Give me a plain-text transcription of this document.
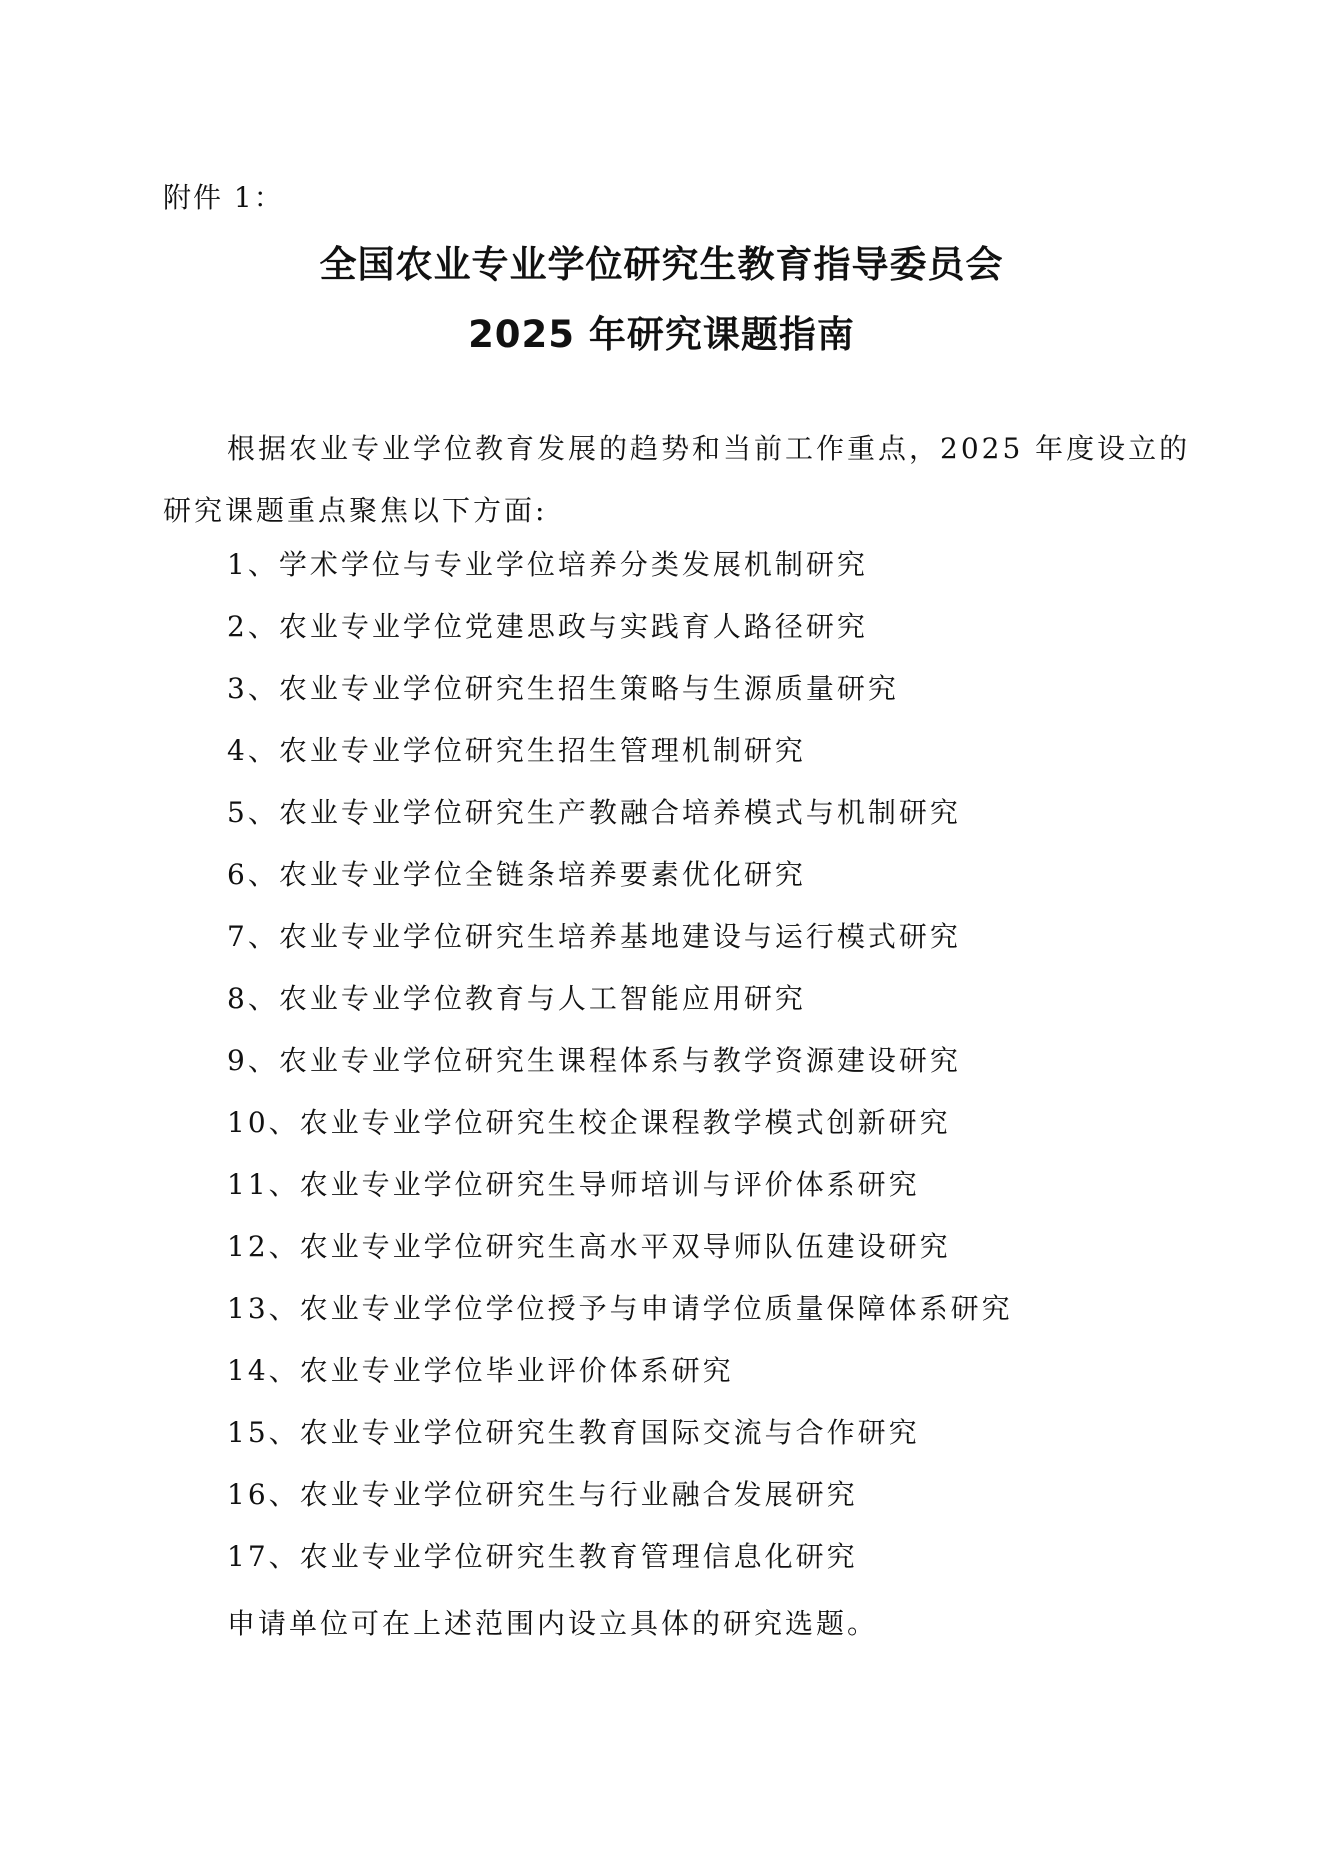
附件 1：
全国农业专业学位研究生教育指导委员会
2025 年研究课题指南
根据农业专业学位教育发展的趋势和当前工作重点，2025 年度设立的
研究课题重点聚焦以下方面:
1、学术学位与专业学位培养分类发展机制研究
2、农业专业学位党建思政与实践育人路径研究
3、农业专业学位研究生招生策略与生源质量研究
4、农业专业学位研究生招生管理机制研究
5、农业专业学位研究生产教融合培养模式与机制研究
6、农业专业学位全链条培养要素优化研究
7、农业专业学位研究生培养基地建设与运行模式研究
8、农业专业学位教育与人工智能应用研究
9、农业专业学位研究生课程体系与教学资源建设研究
10、农业专业学位研究生校企课程教学模式创新研究
11、农业专业学位研究生导师培训与评价体系研究
12、农业专业学位研究生高水平双导师队伍建设研究
13、农业专业学位学位授予与申请学位质量保障体系研究
14、农业专业学位毕业评价体系研究
15、农业专业学位研究生教育国际交流与合作研究
16、农业专业学位研究生与行业融合发展研究
17、农业专业学位研究生教育管理信息化研究
申请单位可在上述范围内设立具体的研究选题。
